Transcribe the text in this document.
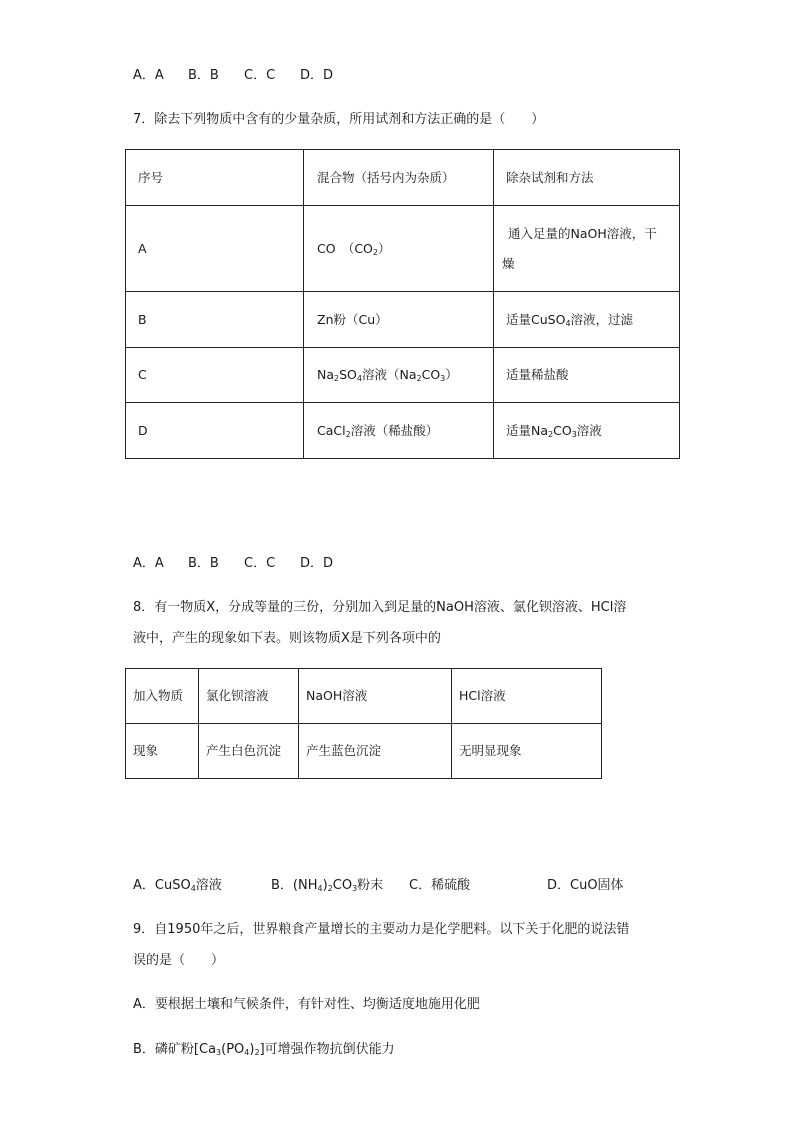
A．A B．B C．C D．D
7．除去下列物质中含有的少量杂质，所用试剂和方法正确的是（　　）
序号	混合物（括号内为杂质）	除杂试剂和方法
A	CO　$(CO_2)$	通入足量的NaOH溶液，干
燥

B	Zn粉（Cu）	适量CuSO$_4$溶液，过滤
C	$Na_2SO_4$溶液$(Na_2CO_3)$	适量稀盐酸
D	CaCl$_2$溶液（稀盐酸）	适量$Na_2CO_3$溶液
A．A B．B C．C D．D
8．有一物质X，分成等量的三份，分别加入到足量的NaOH溶液、氯化钡溶液、HCl溶
液中，产生的现象如下表。则该物质X是下列各项中的
加入物质	氯化钡溶液	NaOH溶液	HCl溶液
现象	产生白色沉淀	产生蓝色沉淀	无明显现象
A．CuSO$_4$溶液	B．$(NH_4)_2CO_3$粉末 C．稀硫酸	D．CuO固体
9．自1950年之后，世界粮食产量增长的主要动力是化学肥料。以下关于化肥的说法错
误的是（　　）
A．要根据土壤和气候条件，有针对性、均衡适度地施用化肥
B．磷矿粉$[Ca_3(PO_4)_2]$可增强作物抗倒伏能力
